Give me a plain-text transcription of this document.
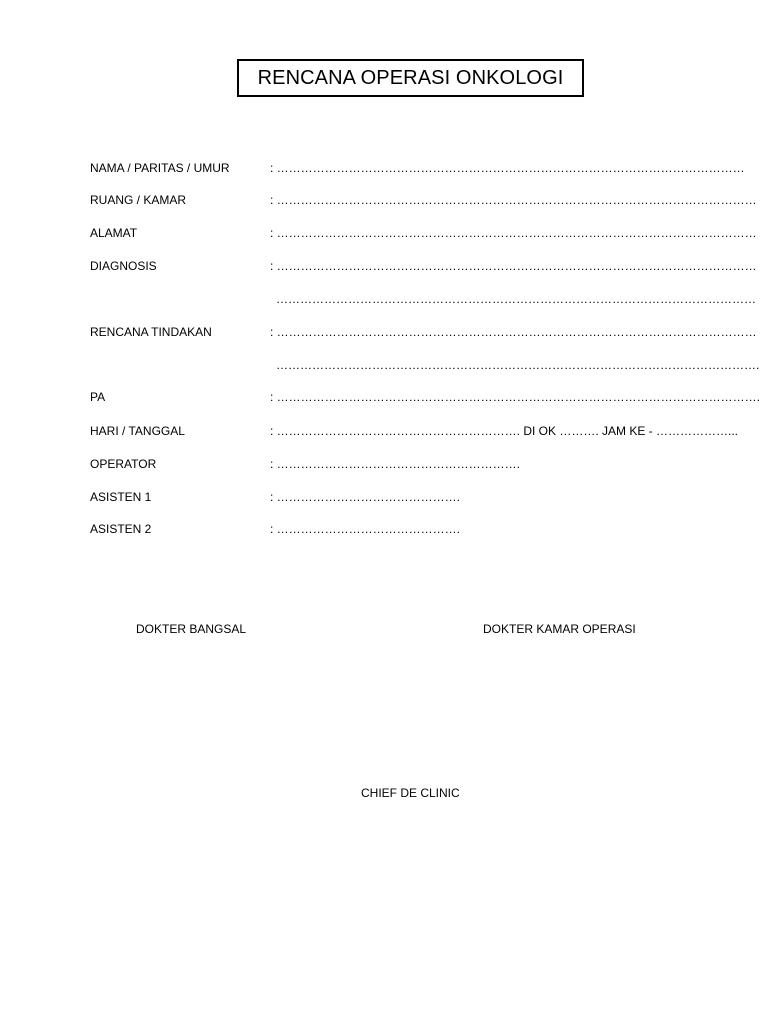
RENCANA OPERASI ONKOLOGI
NAMA / PARITAS / UMUR	: ………………………………………………………………………………………………………
RUANG / KAMAR	: …………………………………………………………………………………………………………
ALAMAT	: …………………………………………………………………………………………………………
DIAGNOSIS	: …………………………………………………………………………………………………………
…………………………………………………………………………………………………………
RENCANA TINDAKAN	: …………………………………………………………………………………………………………
………………………………………………………………………………………………………….
PA	: ………………………………………………………………………………………………………….
HARI / TANGGAL	: ……………………………………………………. DI OK ………. JAM KE - ………………...
OPERATOR	: …………………………………………………….
ASISTEN 1	: ……………………………………….
ASISTEN 2	: ……………………………………….
DOKTER BANGSAL	DOKTER KAMAR OPERASI
CHIEF DE CLINIC
